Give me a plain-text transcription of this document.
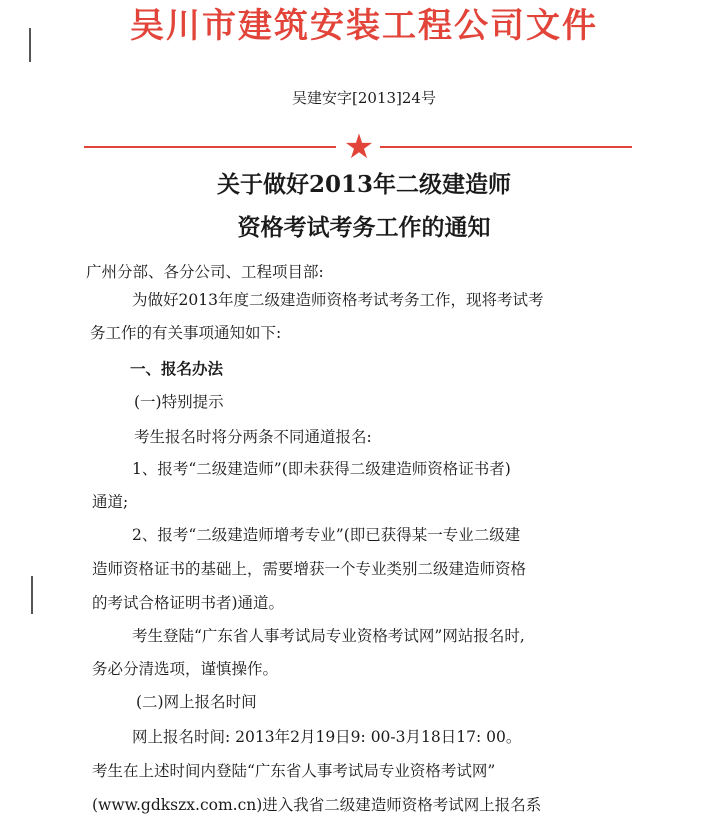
吴川市建筑安装工程公司文件
吴建安字[2013]24号
★
关于做好2013年二级建造师
资格考试考务工作的通知
广州分部、各分公司、工程项目部:
为做好2013年度二级建造师资格考试考务工作，现将考试考
务工作的有关事项通知如下:
一、报名办法
(一)特别提示
考生报名时将分两条不同通道报名:
1、报考“二级建造师”(即未获得二级建造师资格证书者)
通道;
2、报考“二级建造师增考专业”(即已获得某一专业二级建
造师资格证书的基础上，需要增获一个专业类别二级建造师资格
的考试合格证明书者)通道。
考生登陆“广东省人事考试局专业资格考试网”网站报名时,
务必分清选项，谨慎操作。
(二)网上报名时间
网上报名时间: 2013年2月19日9: 00-3月18日17: 00。
考生在上述时间内登陆“广东省人事考试局专业资格考试网”
(www.gdkszx.com.cn)进入我省二级建造师资格考试网上报名系
